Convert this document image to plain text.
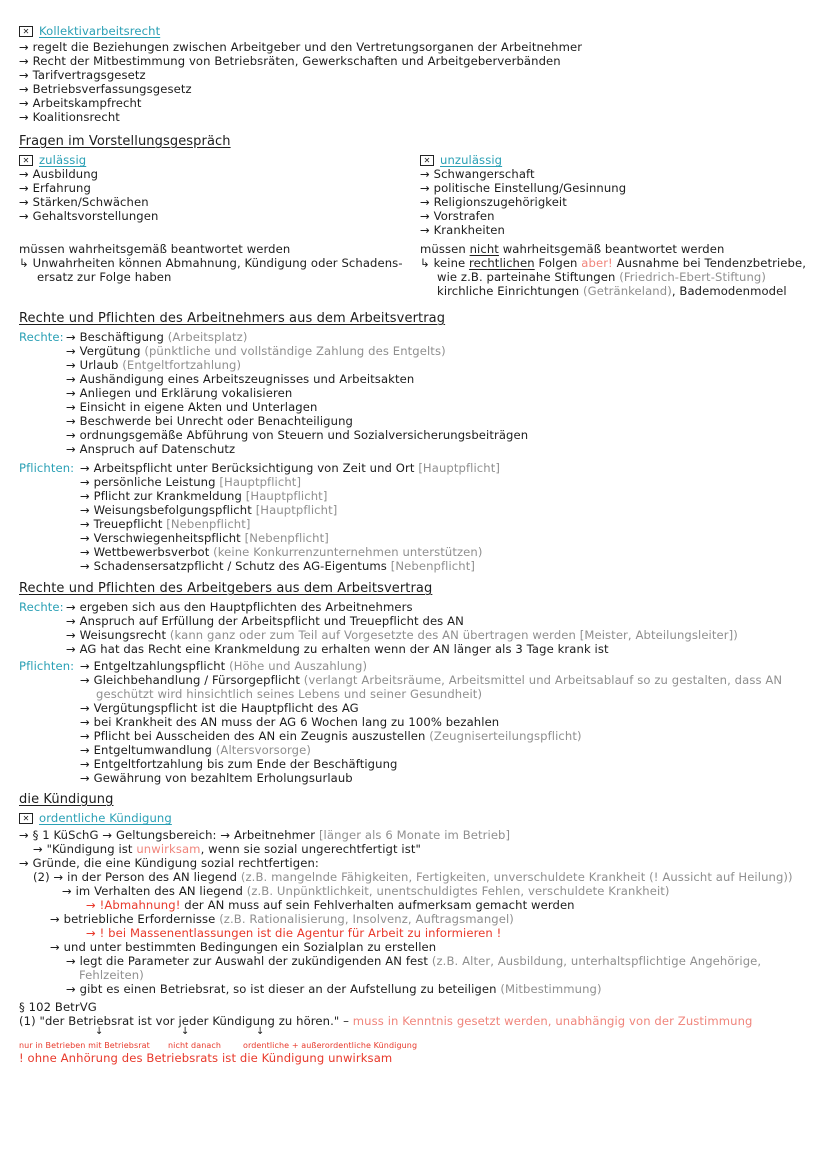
✕ Kollektivarbeitsrecht
→ regelt die Beziehungen zwischen Arbeitgeber und den Vertretungsorganen der Arbeitnehmer
→ Recht der Mitbestimmung von Betriebsräten, Gewerkschaften und Arbeitgeberverbänden
→ Tarifvertragsgesetz
→ Betriebsverfassungsgesetz
→ Arbeitskampfrecht
→ Koalitionsrecht
Fragen im Vorstellungsgespräch
✕ zulässig
→ Ausbildung
→ Erfahrung
→ Stärken/Schwächen
→ Gehaltsvorstellungen
müssen wahrheitsgemäß beantwortet werden
↳ Unwahrheiten können Abmahnung, Kündigung oder Schadens-
ersatz zur Folge haben
✕ unzulässig
→ Schwangerschaft
→ politische Einstellung/Gesinnung
→ Religionszugehörigkeit
→ Vorstrafen
→ Krankheiten
müssen nicht wahrheitsgemäß beantwortet werden
↳ keine rechtlichen Folgen aber! Ausnahme bei Tendenzbetriebe,
wie z.B. parteinahe Stiftungen (Friedrich-Ebert-Stiftung)
kirchliche Einrichtungen (Getränkeland), Bademodenmodel
Rechte und Pflichten des Arbeitnehmers aus dem Arbeitsvertrag
Rechte: → Beschäftigung (Arbeitsplatz)
→ Vergütung (pünktliche und vollständige Zahlung des Entgelts)
→ Urlaub (Entgeltfortzahlung)
→ Aushändigung eines Arbeitszeugnisses und Arbeitsakten
→ Anliegen und Erklärung vokalisieren
→ Einsicht in eigene Akten und Unterlagen
→ Beschwerde bei Unrecht oder Benachteiligung
→ ordnungsgemäße Abführung von Steuern und Sozialversicherungsbeiträgen
→ Anspruch auf Datenschutz
Pflichten: → Arbeitspflicht unter Berücksichtigung von Zeit und Ort [Hauptpflicht]
→ persönliche Leistung [Hauptpflicht]
→ Pflicht zur Krankmeldung [Hauptpflicht]
→ Weisungsbefolgungspflicht [Hauptpflicht]
→ Treuepflicht [Nebenpflicht]
→ Verschwiegenheitspflicht [Nebenpflicht]
→ Wettbewerbsverbot (keine Konkurrenzunternehmen unterstützen)
→ Schadensersatzpflicht / Schutz des AG-Eigentums [Nebenpflicht]
Rechte und Pflichten des Arbeitgebers aus dem Arbeitsvertrag
Rechte: → ergeben sich aus den Hauptpflichten des Arbeitnehmers
→ Anspruch auf Erfüllung der Arbeitspflicht und Treuepflicht des AN
→ Weisungsrecht (kann ganz oder zum Teil auf Vorgesetzte des AN übertragen werden [Meister, Abteilungsleiter])
→ AG hat das Recht eine Krankmeldung zu erhalten wenn der AN länger als 3 Tage krank ist
Pflichten: → Entgeltzahlungspflicht (Höhe und Auszahlung)
→ Gleichbehandlung / Fürsorgepflicht (verlangt Arbeitsräume, Arbeitsmittel und Arbeitsablauf so zu gestalten, dass AN
geschützt wird hinsichtlich seines Lebens und seiner Gesundheit)
→ Vergütungspflicht ist die Hauptpflicht des AG
→ bei Krankheit des AN muss der AG 6 Wochen lang zu 100% bezahlen
→ Pflicht bei Ausscheiden des AN ein Zeugnis auszustellen (Zeugniserteilungspflicht)
→ Entgeltumwandlung (Altersvorsorge)
→ Entgeltfortzahlung bis zum Ende der Beschäftigung
→ Gewährung von bezahltem Erholungsurlaub
die Kündigung
✕ ordentliche Kündigung
→ § 1 KüSchG → Geltungsbereich: → Arbeitnehmer [länger als 6 Monate im Betrieb]
→ "Kündigung ist unwirksam, wenn sie sozial ungerechtfertigt ist"
→ Gründe, die eine Kündigung sozial rechtfertigen:
(2) → in der Person des AN liegend (z.B. mangelnde Fähigkeiten, Fertigkeiten, unverschuldete Krankheit (! Aussicht auf Heilung))
→ im Verhalten des AN liegend (z.B. Unpünktlichkeit, unentschuldigtes Fehlen, verschuldete Krankheit)
→ !Abmahnung! der AN muss auf sein Fehlverhalten aufmerksam gemacht werden
→ betriebliche Erfordernisse (z.B. Rationalisierung, Insolvenz, Auftragsmangel)
→ ! bei Massenentlassungen ist die Agentur für Arbeit zu informieren !
→ und unter bestimmten Bedingungen ein Sozialplan zu erstellen
→ legt die Parameter zur Auswahl der zukündigenden AN fest (z.B. Alter, Ausbildung, unterhaltspflichtige Angehörige,
Fehlzeiten)
→ gibt es einen Betriebsrat, so ist dieser an der Aufstellung zu beteiligen (Mitbestimmung)
§ 102 BetrVG
(1) "der Betriebsrat ist vor jeder Kündigung zu hören." – muss in Kenntnis gesetzt werden, unabhängig von der Zustimmung
↓	↓	↓
nur in Betrieben mit Betriebsrat nicht danach	ordentliche + außerordentliche Kündigung
! ohne Anhörung des Betriebsrats ist die Kündigung unwirksam
